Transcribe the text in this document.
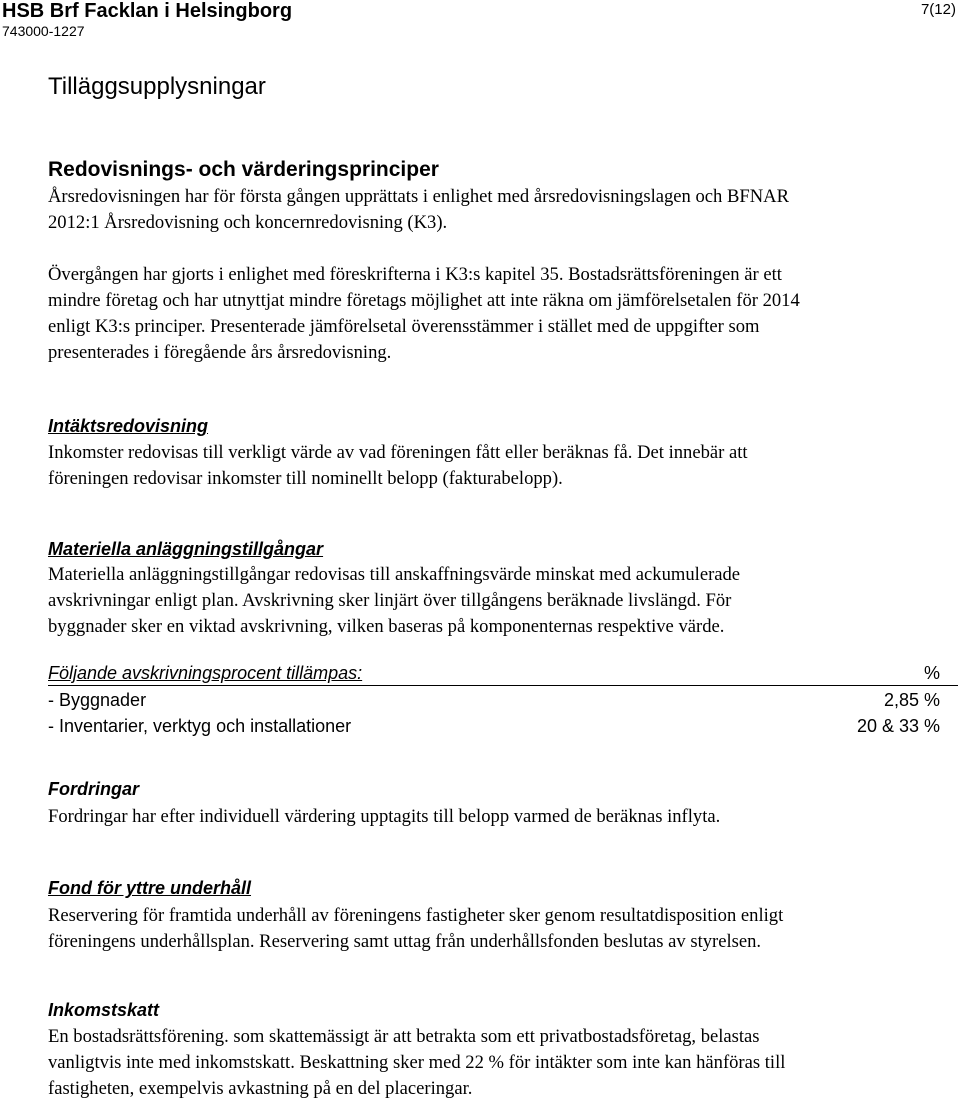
HSB Brf Facklan i Helsingborg
743000-1227
7(12)
Tilläggsupplysningar
Redovisnings- och värderingsprinciper
Årsredovisningen har för första gången upprättats i enlighet med årsredovisningslagen och BFNAR
2012:1 Årsredovisning och koncernredovisning (K3).
Övergången har gjorts i enlighet med föreskrifterna i K3:s kapitel 35. Bostadsrättsföreningen är ett
mindre företag och har utnyttjat mindre företags möjlighet att inte räkna om jämförelsetalen för 2014
enligt K3:s principer. Presenterade jämförelsetal överensstämmer i stället med de uppgifter som
presenterades i föregående års årsredovisning.
Intäktsredovisning
Inkomster redovisas till verkligt värde av vad föreningen fått eller beräknas få. Det innebär att
föreningen redovisar inkomster till nominellt belopp (fakturabelopp).
Materiella anläggningstillgångar
Materiella anläggningstillgångar redovisas till anskaffningsvärde minskat med ackumulerade
avskrivningar enligt plan. Avskrivning sker linjärt över tillgångens beräknade livslängd. För
byggnader sker en viktad avskrivning, vilken baseras på komponenternas respektive värde.
Följande avskrivningsprocent tillämpas:	%
- Byggnader	2,85 %
- Inventarier, verktyg och installationer	20 & 33 %
Fordringar
Fordringar har efter individuell värdering upptagits till belopp varmed de beräknas inflyta.
Fond för yttre underhåll
Reservering för framtida underhåll av föreningens fastigheter sker genom resultatdisposition enligt
föreningens underhållsplan. Reservering samt uttag från underhållsfonden beslutas av styrelsen.
Inkomstskatt
En bostadsrättsförening. som skattemässigt är att betrakta som ett privatbostadsföretag, belastas
vanligtvis inte med inkomstskatt. Beskattning sker med 22 % för intäkter som inte kan hänföras till
fastigheten, exempelvis avkastning på en del placeringar.
